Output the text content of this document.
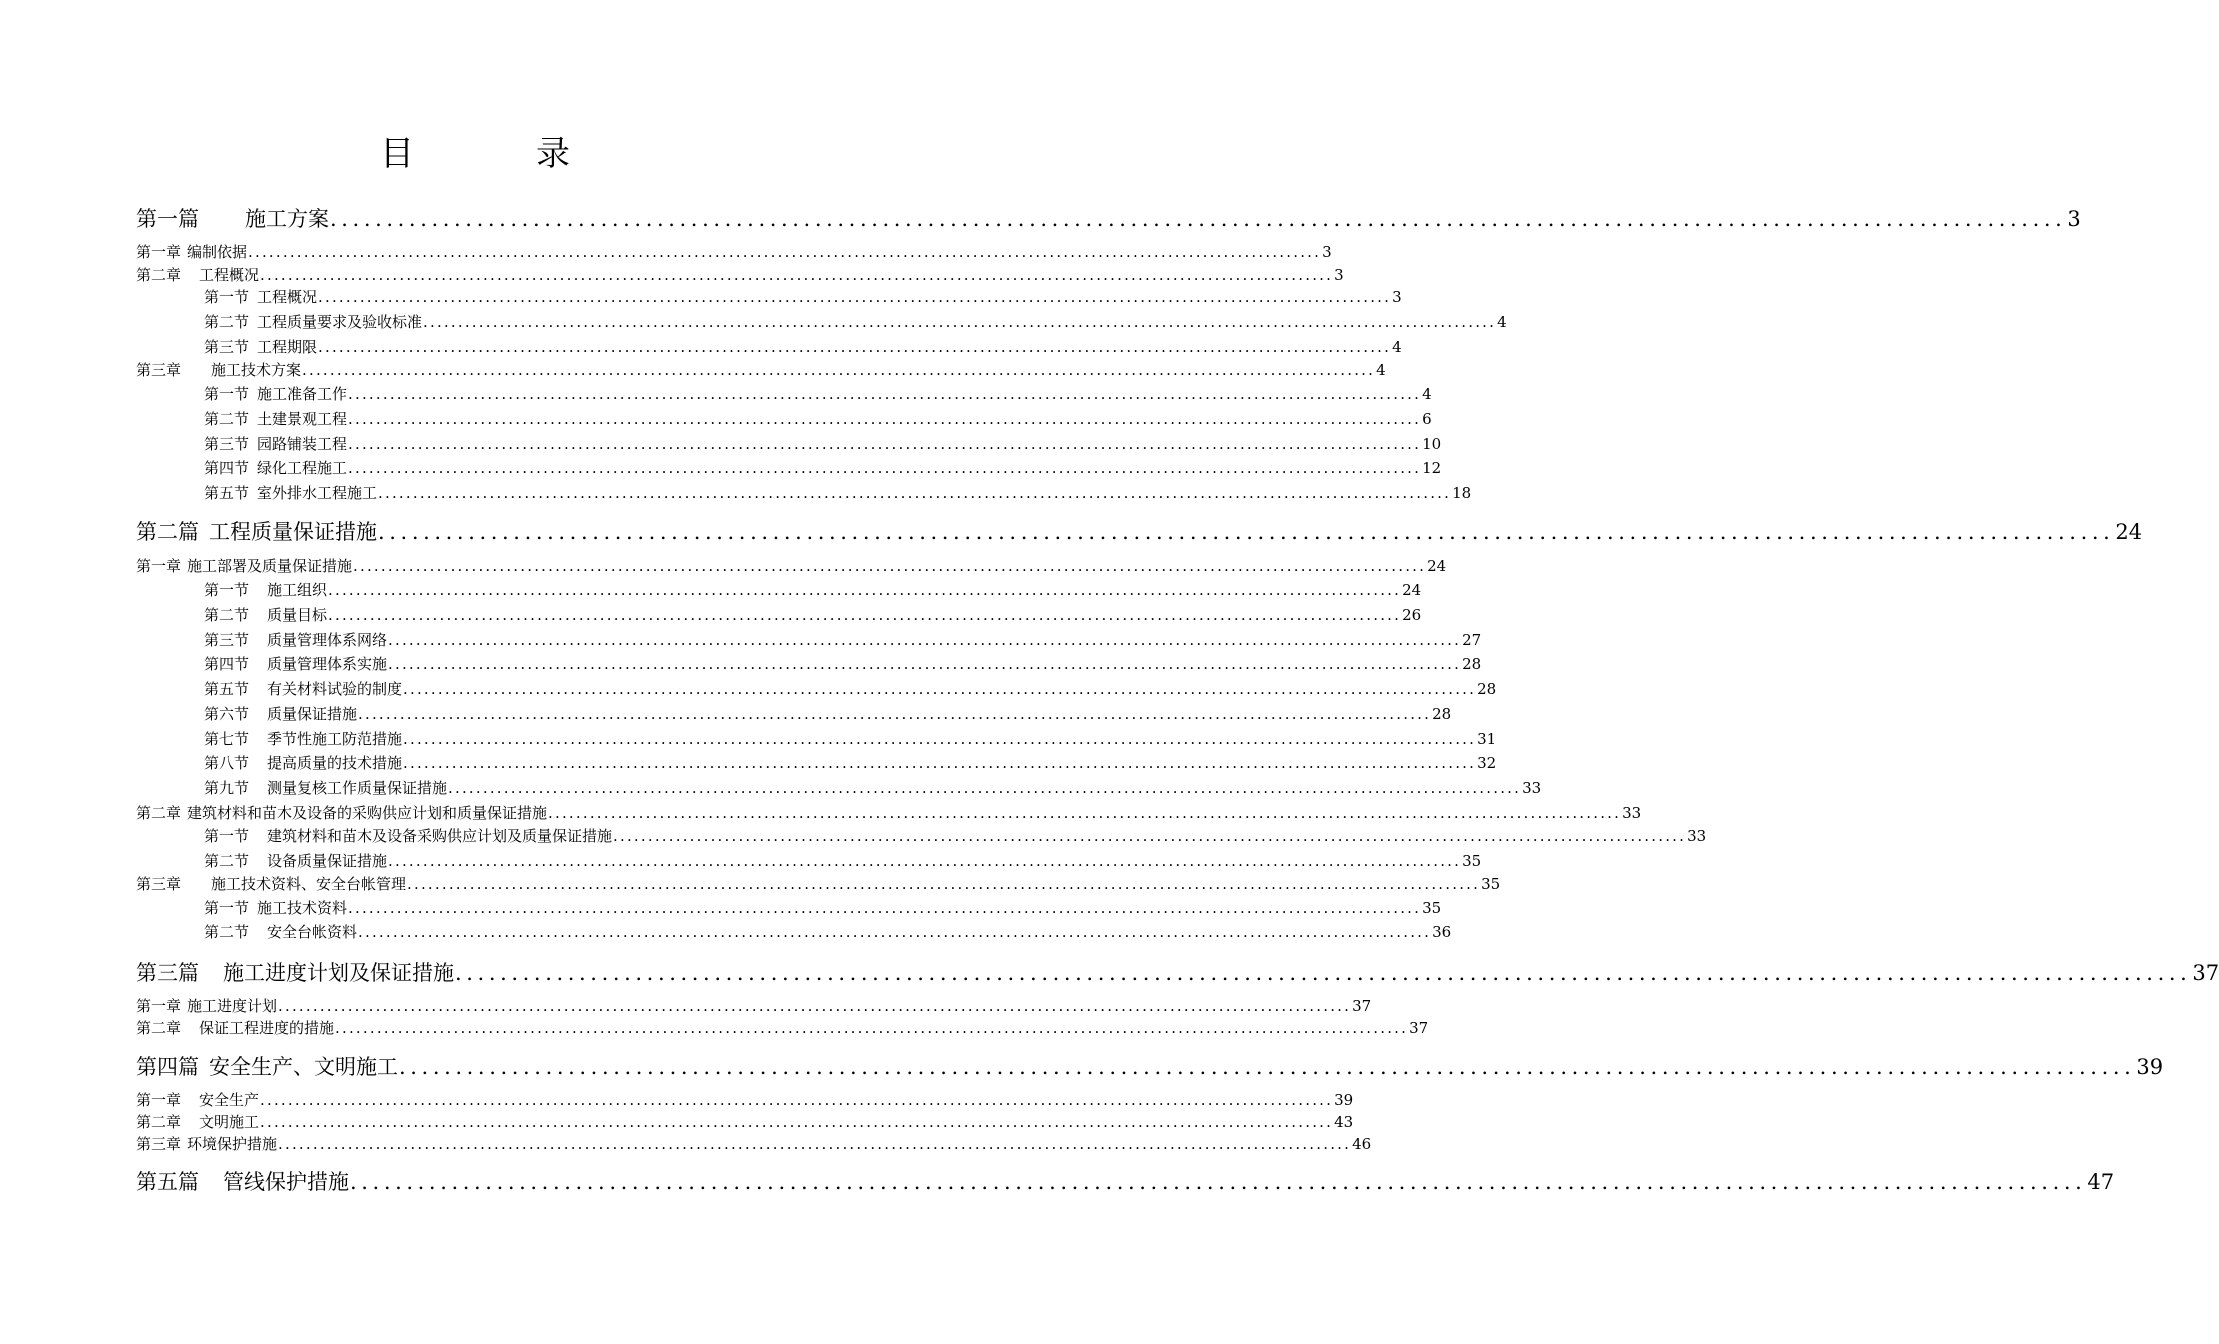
目　录
第一篇 施工方案 .......................................................................................................................................................... 3
第一章 编制依据 .......................................................................................................................................................... 3
第二章 工程概况 .......................................................................................................................................................... 3
第一节 工程概况 .......................................................................................................................................................... 3
第二节 工程质量要求及验收标准 .......................................................................................................................................................... 4
第三节 工程期限 .......................................................................................................................................................... 4
第三章 施工技术方案 .......................................................................................................................................................... 4
第一节 施工准备工作 .......................................................................................................................................................... 4
第二节 土建景观工程 .......................................................................................................................................................... 6
第三节 园路铺装工程 .......................................................................................................................................................... 10
第四节 绿化工程施工 .......................................................................................................................................................... 12
第五节 室外排水工程施工 .......................................................................................................................................................... 18
第二篇 工程质量保证措施 .......................................................................................................................................................... 24
第一章 施工部署及质量保证措施 .......................................................................................................................................................... 24
第一节 施工组织 .......................................................................................................................................................... 24
第二节 质量目标 .......................................................................................................................................................... 26
第三节 质量管理体系网络 .......................................................................................................................................................... 27
第四节 质量管理体系实施 .......................................................................................................................................................... 28
第五节 有关材料试验的制度 .......................................................................................................................................................... 28
第六节 质量保证措施 .......................................................................................................................................................... 28
第七节 季节性施工防范措施 .......................................................................................................................................................... 31
第八节 提高质量的技术措施 .......................................................................................................................................................... 32
第九节 测量复核工作质量保证措施 .......................................................................................................................................................... 33
第二章 建筑材料和苗木及设备的采购供应计划和质量保证措施 .......................................................................................................................................................... 33
第一节 建筑材料和苗木及设备采购供应计划及质量保证措施 .......................................................................................................................................................... 33
第二节 设备质量保证措施 .......................................................................................................................................................... 35
第三章 施工技术资料、安全台帐管理 .......................................................................................................................................................... 35
第一节 施工技术资料 .......................................................................................................................................................... 35
第二节 安全台帐资料 .......................................................................................................................................................... 36
第三篇 施工进度计划及保证措施 .......................................................................................................................................................... 37
第一章 施工进度计划 .......................................................................................................................................................... 37
第二章 保证工程进度的措施 .......................................................................................................................................................... 37
第四篇 安全生产、文明施工 .......................................................................................................................................................... 39
第一章 安全生产 .......................................................................................................................................................... 39
第二章 文明施工 .......................................................................................................................................................... 43
第三章 环境保护措施 .......................................................................................................................................................... 46
第五篇 管线保护措施 .......................................................................................................................................................... 47
